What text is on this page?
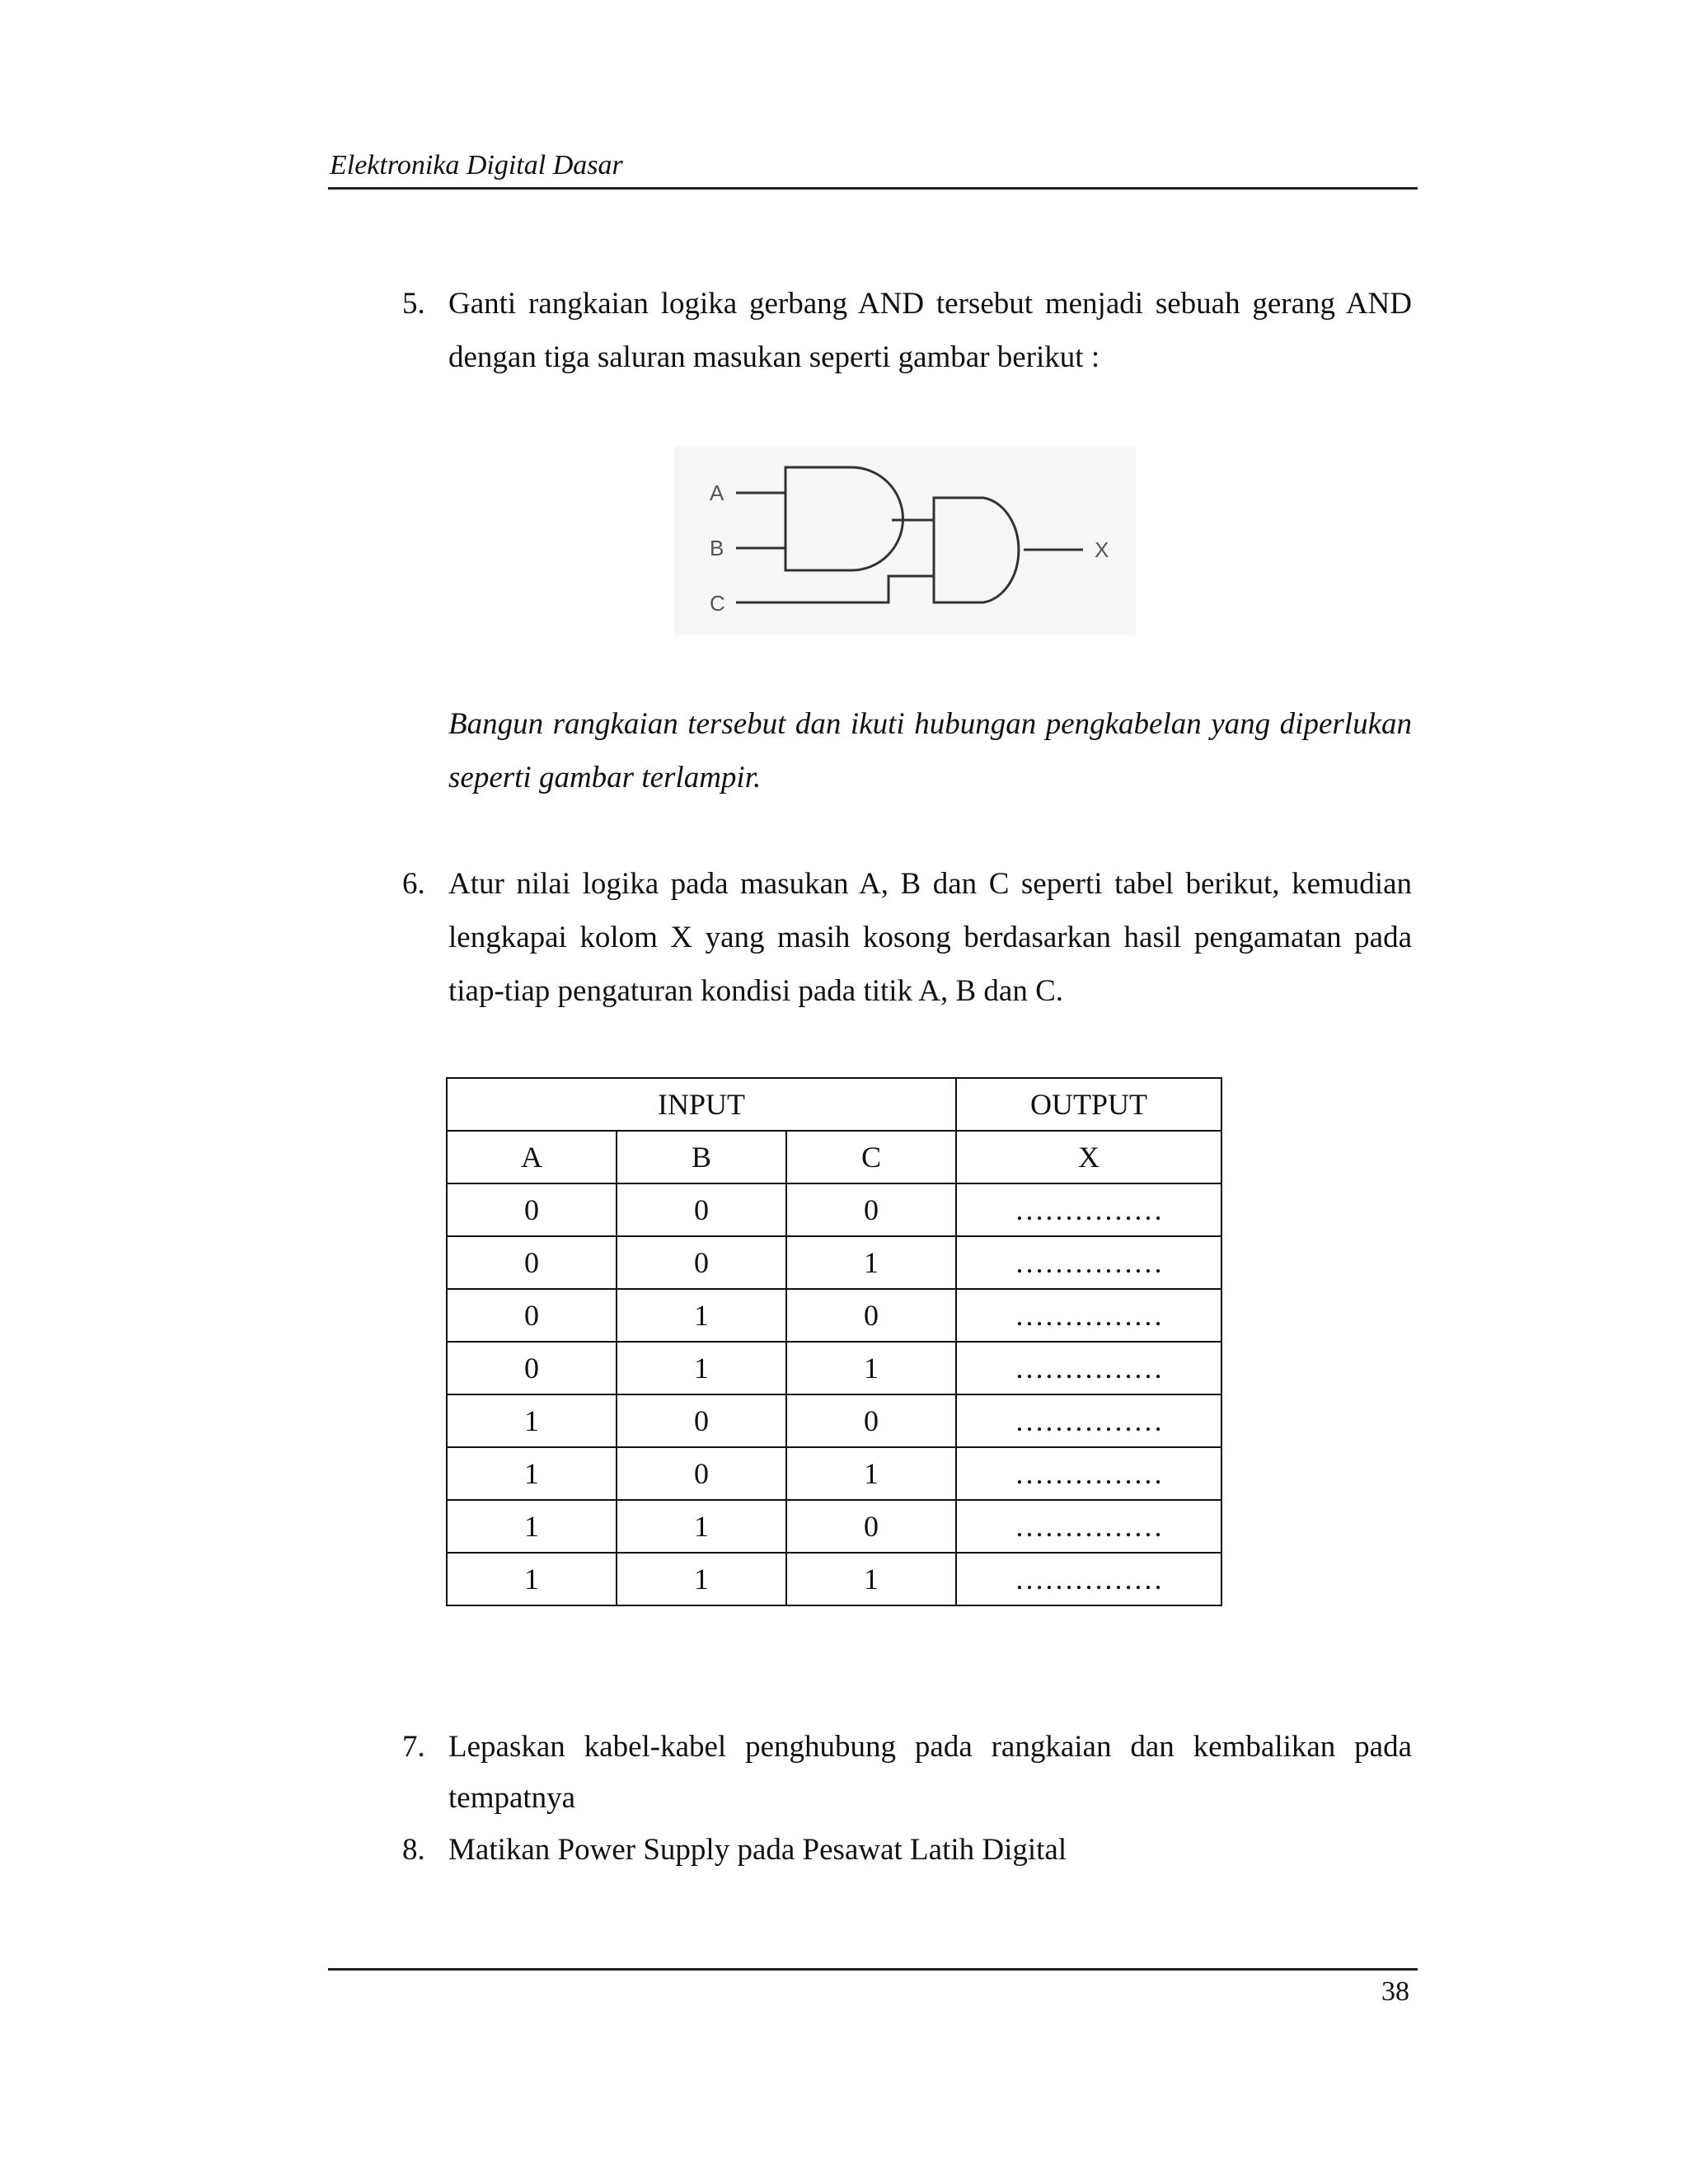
Elektronika Digital Dasar
5. Ganti rangkaian logika gerbang AND tersebut menjadi sebuah gerang AND dengan tiga saluran masukan seperti gambar berikut :
A
B
C
X
Bangun rangkaian tersebut dan ikuti hubungan pengkabelan yang diperlukan seperti gambar terlampir.
6. Atur nilai logika pada masukan A, B dan C seperti tabel berikut, kemudian lengkapai kolom X yang masih kosong berdasarkan hasil pengamatan pada tiap-tiap pengaturan kondisi pada titik A, B dan C.
INPUT			OUTPUT
A	B	C	X
0	0	0	……………
0	0	1	……………
0	1	0	……………
0	1	1	……………
1	0	0	……………
1	0	1	……………
1	1	0	……………
1	1	1	……………
7. Lepaskan kabel-kabel penghubung pada rangkaian dan kembalikan pada tempatnya
8. Matikan Power Supply pada Pesawat Latih Digital
38
